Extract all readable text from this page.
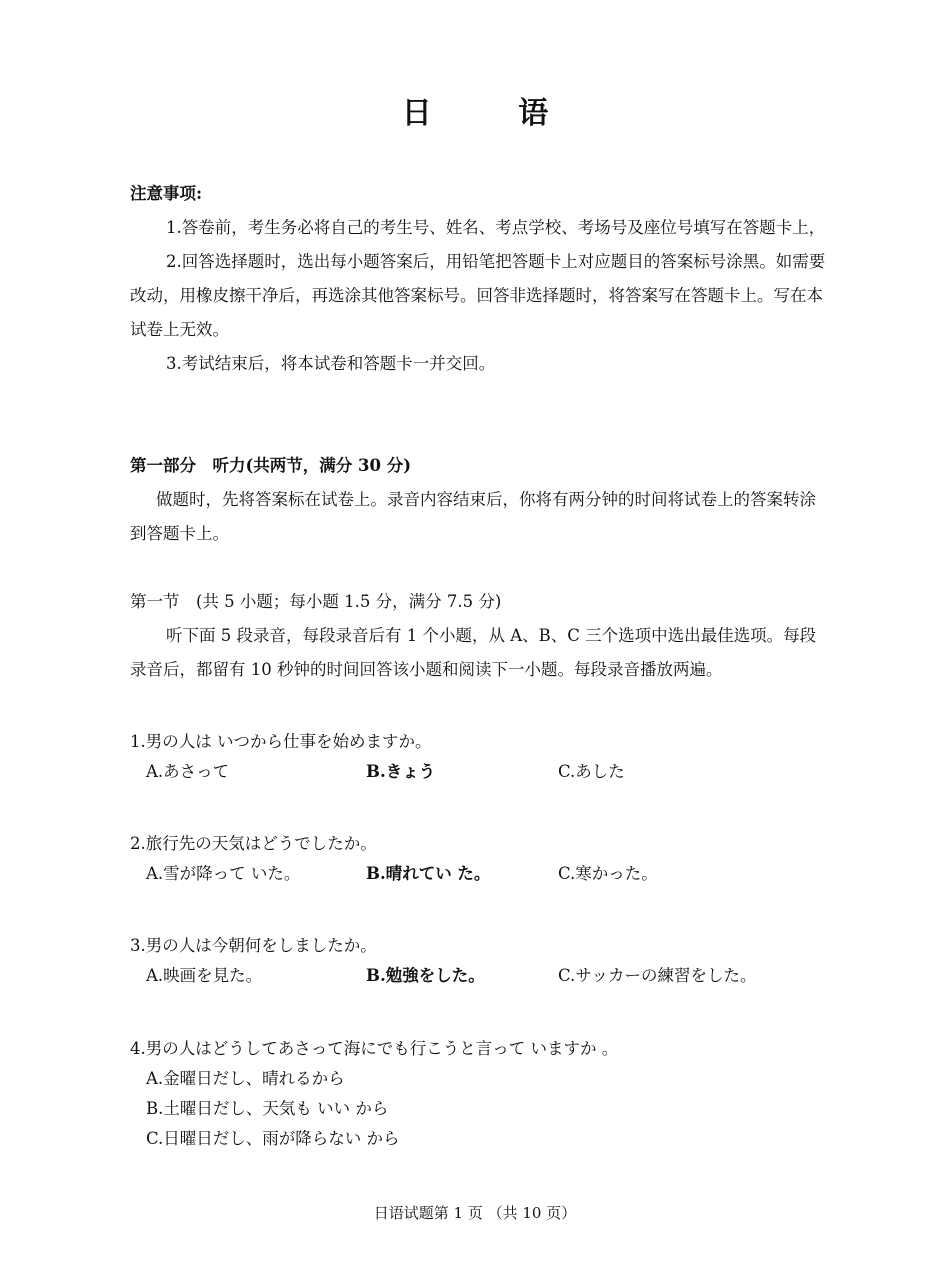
日 语
注意事项:
1.答卷前，考生务必将自己的考生号、姓名、考点学校、考场号及座位号填写在答题卡上，
2.回答选择题时，选出每小题答案后，用铅笔把答题卡上对应题目的答案标号涂黑。如需要改动，用橡皮擦干净后，再选涂其他答案标号。回答非选择题时，将答案写在答题卡上。写在本试卷上无效。
3.考试结束后，将本试卷和答题卡一并交回。
第一部分　听力(共两节，满分 30 分)
做题时，先将答案标在试卷上。录音内容结束后，你将有两分钟的时间将试卷上的答案转涂到答题卡上。
第一节　(共 5 小题；每小题 1.5 分，满分 7.5 分)
听下面 5 段录音，每段录音后有 1 个小题，从 A、B、C 三个选项中选出最佳选项。每段录音后，都留有 10 秒钟的时间回答该小题和阅读下一小题。每段录音播放两遍。
1.男の人は いつから仕事を始めますか。
A.あさって	B.きょう	C.あした
2.旅行先の天気はどうでしたか。
A.雪が降って いた。	B.晴れてい た。	C.寒かった。
3.男の人は今朝何をしましたか。
A.映画を見た。	B.勉強をした。	C.サッカーの練習をした。
4.男の人はどうしてあさって海にでも行こうと言って いますか 。
A.金曜日だし、晴れるから
B.土曜日だし、天気も いい から
C.日曜日だし、雨が降らない から
日语试题第 1 页 （共 10 页）
